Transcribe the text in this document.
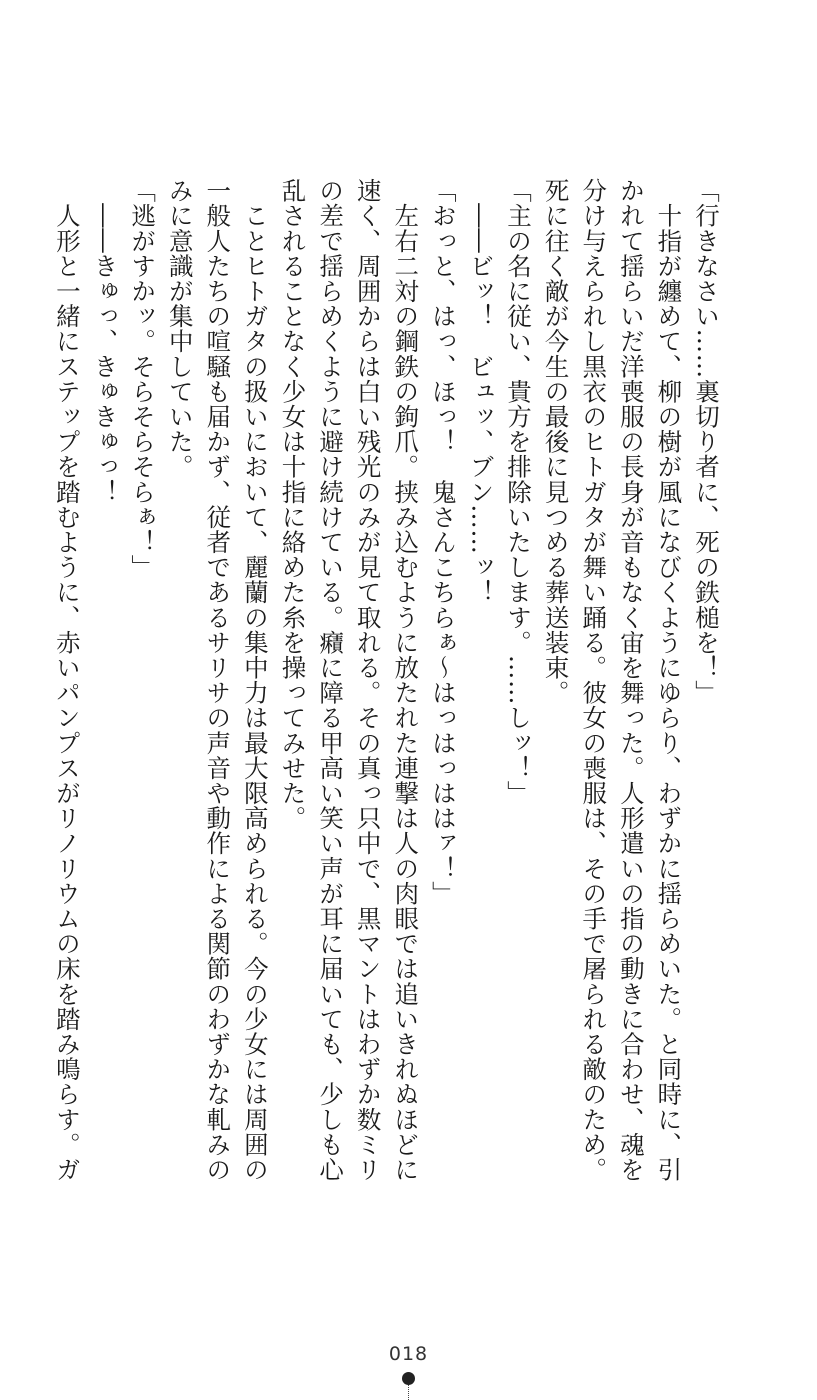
「行きなさい……裏切り者に、死の鉄槌を！」

　十指が纏めて、柳の樹が風になびくようにゆらり、わずかに揺らめいた。と同時に、引

かれて揺らいだ洋喪服の長身が音もなく宙を舞った。人形遣いの指の動きに合わせ、魂を

分け与えられし黒衣のヒトガタが舞い踊る。彼女の喪服は、その手で屠られる敵のため。

死に往く敵が今生の最後に見つめる葬送装束。

「主の名に従い、貴方を排除いたします。……しッ！」

　――ビッ！　ビュッ、ブン……ッ！

「おっと、はっ、ほっ！　鬼さんこちらぁ～はっはっははァ！」

　左右二対の鋼鉄の鉤爪。挟み込むように放たれた連撃は人の肉眼では追いきれぬほどに

速く、周囲からは白い残光のみが見て取れる。その真っ只中で、黒マントはわずか数ミリ

の差で揺らめくように避け続けている。癪に障る甲高い笑い声が耳に届いても、少しも心

乱されることなく少女は十指に絡めた糸を操ってみせた。

　ことヒトガタの扱いにおいて、麗蘭の集中力は最大限高められる。今の少女には周囲の

一般人たちの喧騒も届かず、従者であるサリサの声音や動作による関節のわずかな軋みの

みに意識が集中していた。

「逃がすかッ。そらそらそらぁ！」

　――きゅっ、きゅきゅっ！

　人形と一緒にステップを踏むように、赤いパンプスがリノリウムの床を踏み鳴らす。ガ

018
